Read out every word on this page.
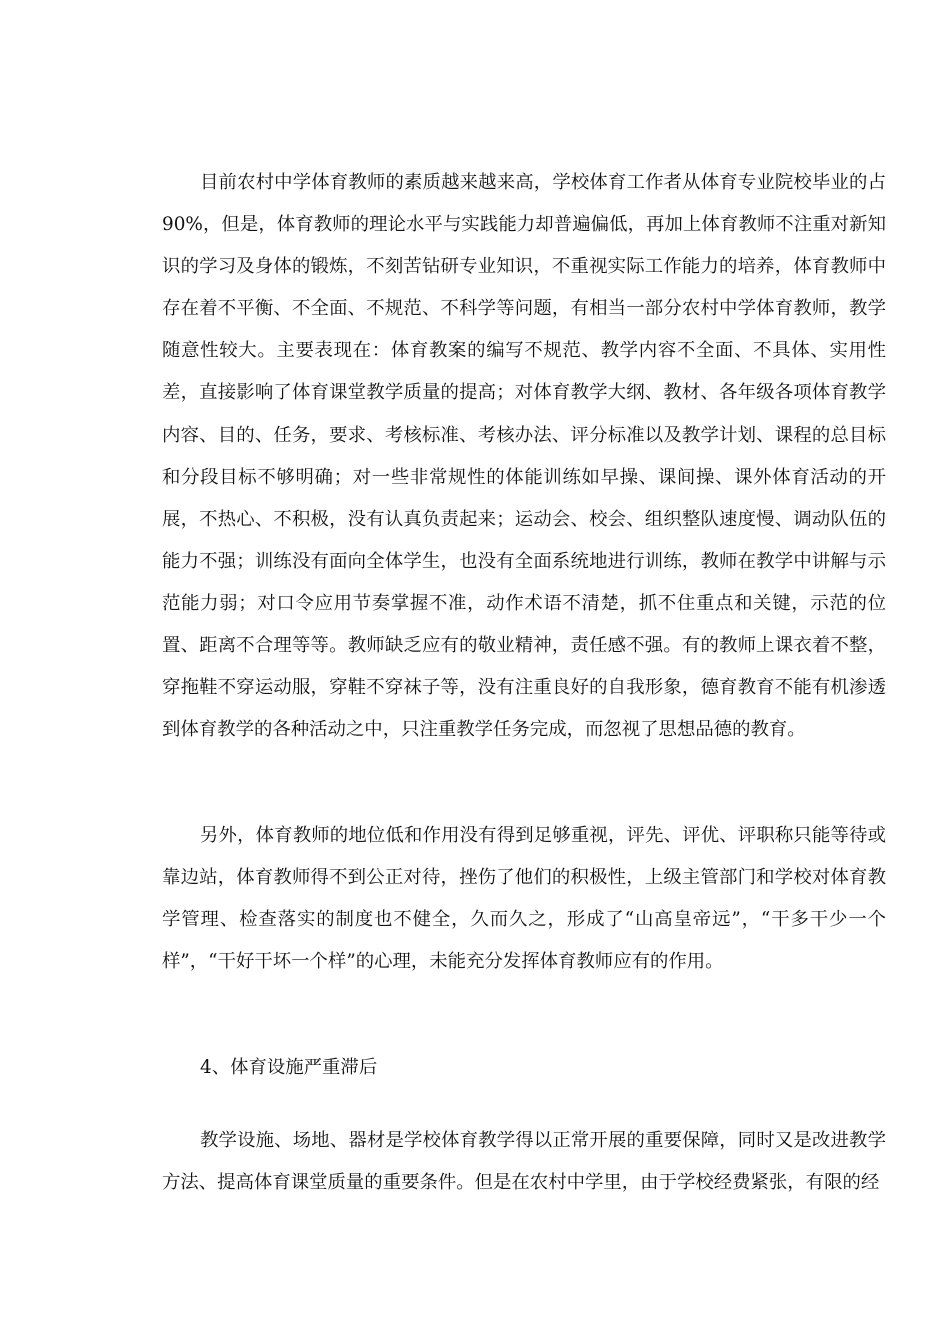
目前农村中学体育教师的素质越来越来高，学校体育工作者从体育专业院校毕业的占90%，但是，体育教师的理论水平与实践能力却普遍偏低，再加上体育教师不注重对新知识的学习及身体的锻炼，不刻苦钻研专业知识，不重视实际工作能力的培养，体育教师中存在着不平衡、不全面、不规范、不科学等问题，有相当一部分农村中学体育教师，教学随意性较大。主要表现在：体育教案的编写不规范、教学内容不全面、不具体、实用性差，直接影响了体育课堂教学质量的提高；对体育教学大纲、教材、各年级各项体育教学内容、目的、任务，要求、考核标准、考核办法、评分标准以及教学计划、课程的总目标和分段目标不够明确；对一些非常规性的体能训练如早操、课间操、课外体育活动的开展，不热心、不积极，没有认真负责起来；运动会、校会、组织整队速度慢、调动队伍的能力不强；训练没有面向全体学生，也没有全面系统地进行训练，教师在教学中讲解与示范能力弱；对口令应用节奏掌握不准，动作术语不清楚，抓不住重点和关键，示范的位置、距离不合理等等。教师缺乏应有的敬业精神，责任感不强。有的教师上课衣着不整，穿拖鞋不穿运动服，穿鞋不穿袜子等，没有注重良好的自我形象，德育教育不能有机渗透到体育教学的各种活动之中，只注重教学任务完成，而忽视了思想品德的教育。

另外，体育教师的地位低和作用没有得到足够重视，评先、评优、评职称只能等待或靠边站，体育教师得不到公正对待，挫伤了他们的积极性，上级主管部门和学校对体育教学管理、检查落实的制度也不健全，久而久之，形成了“山高皇帝远”，“干多干少一个样”，“干好干坏一个样”的心理，未能充分发挥体育教师应有的作用。

4、体育设施严重滞后

教学设施、场地、器材是学校体育教学得以正常开展的重要保障，同时又是改进教学方法、提高体育课堂质量的重要条件。但是在农村中学里，由于学校经费紧张，有限的经
